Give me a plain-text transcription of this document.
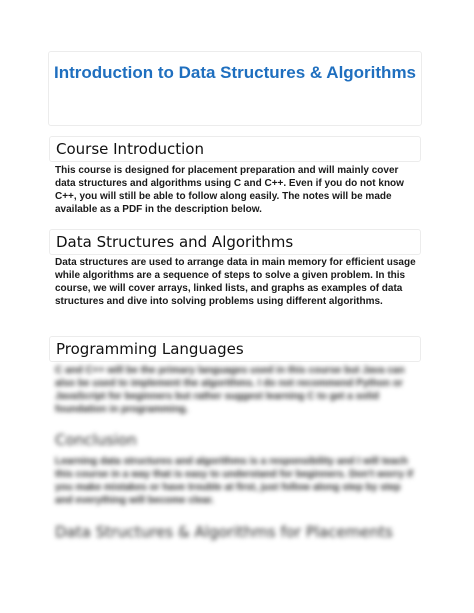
Introduction to Data Structures & Algorithms
Course Introduction

This course is designed for placement preparation and will mainly cover data structures and algorithms using C and C++. Even if you do not know C++, you will still be able to follow along easily. The notes will be made available as a PDF in the description below.

Data Structures and Algorithms

Data structures are used to arrange data in main memory for efficient usage while algorithms are a sequence of steps to solve a given problem. In this course, we will cover arrays, linked lists, and graphs as examples of data structures and dive into solving problems using different algorithms.

Programming Languages

C and C++ will be the primary languages used in this course but Java can also be used to implement the algorithms. I do not recommend Python or JavaScript for beginners but rather suggest learning C to get a solid foundation in programming.

Conclusion

Learning data structures and algorithms is a responsibility and I will teach this course in a way that is easy to understand for beginners. Don't worry if you make mistakes or have trouble at first, just follow along step by step and everything will become clear.

Data Structures & Algorithms for Placements
